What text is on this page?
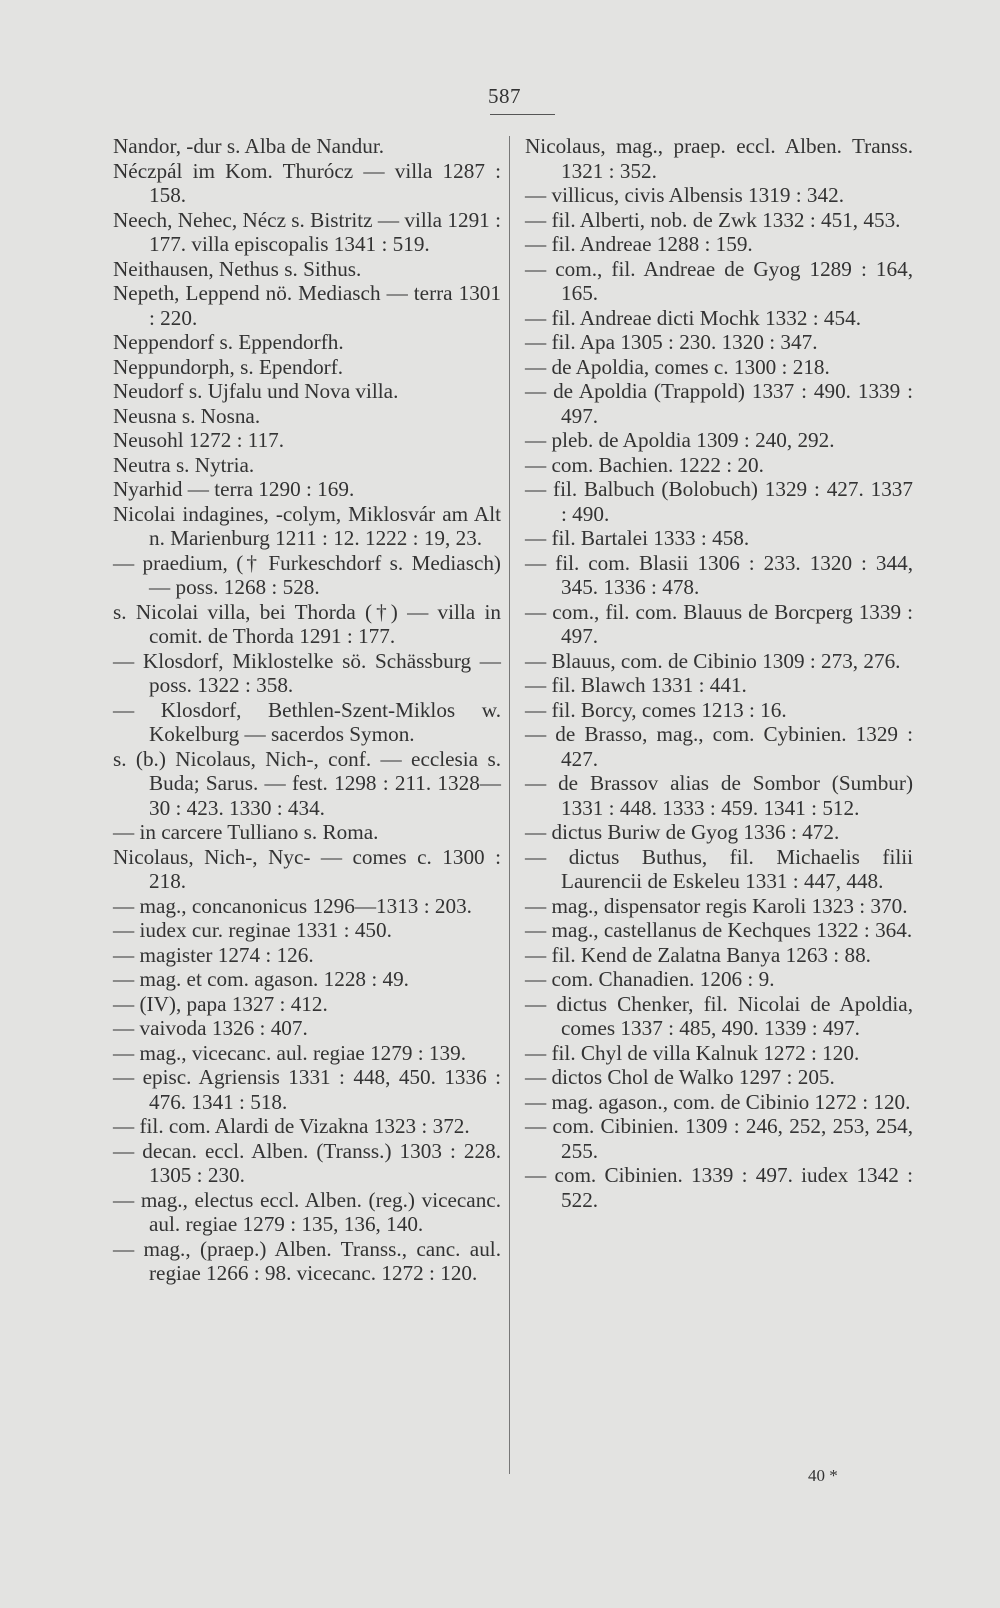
587
Nandor, -dur s. Alba de Nandur.
Néczpál im Kom. Thurócz — villa 1287 : 158.
Neech, Nehec, Nécz s. Bistritz — villa 1291 : 177. villa episcopalis 1341 : 519.
Neithausen, Nethus s. Sithus.
Nepeth, Leppend nö. Mediasch — terra 1301 : 220.
Neppendorf s. Eppendorfh.
Neppundorph, s. Ependorf.
Neudorf s. Ujfalu und Nova villa.
Neusna s. Nosna.
Neusohl 1272 : 117.
Neutra s. Nytria.
Nyarhid — terra 1290 : 169.
Nicolai indagines, -colym, Miklosvár am Alt n. Marienburg 1211 : 12. 1222 : 19, 23.
— praedium, († Furkeschdorf s. Mediasch) — poss. 1268 : 528.
s. Nicolai villa, bei Thorda (†) — villa in comit. de Thorda 1291 : 177.
— Klosdorf, Miklostelke sö. Schässburg — poss. 1322 : 358.
— Klosdorf, Bethlen-Szent-Miklos w. Kokelburg — sacerdos Symon.
s. (b.) Nicolaus, Nich-, conf. — ecclesia s. Buda; Sarus. — fest. 1298 : 211. 1328—30 : 423. 1330 : 434.
— in carcere Tulliano s. Roma.
Nicolaus, Nich-, Nyc- — comes c. 1300 : 218.
— mag., concanonicus 1296—1313 : 203.
— iudex cur. reginae 1331 : 450.
— magister 1274 : 126.
— mag. et com. agason. 1228 : 49.
— (IV), papa 1327 : 412.
— vaivoda 1326 : 407.
— mag., vicecanc. aul. regiae 1279 : 139.
— episc. Agriensis 1331 : 448, 450. 1336 : 476. 1341 : 518.
— fil. com. Alardi de Vizakna 1323 : 372.
— decan. eccl. Alben. (Transs.) 1303 : 228. 1305 : 230.
— mag., electus eccl. Alben. (reg.) vicecanc. aul. regiae 1279 : 135, 136, 140.
— mag., (praep.) Alben. Transs., canc. aul. regiae 1266 : 98. vicecanc. 1272 : 120.
Nicolaus, mag., praep. eccl. Alben. Transs. 1321 : 352.
— villicus, civis Albensis 1319 : 342.
— fil. Alberti, nob. de Zwk 1332 : 451, 453.
— fil. Andreae 1288 : 159.
— com., fil. Andreae de Gyog 1289 : 164, 165.
— fil. Andreae dicti Mochk 1332 : 454.
— fil. Apa 1305 : 230. 1320 : 347.
— de Apoldia, comes c. 1300 : 218.
— de Apoldia (Trappold) 1337 : 490. 1339 : 497.
— pleb. de Apoldia 1309 : 240, 292.
— com. Bachien. 1222 : 20.
— fil. Balbuch (Bolobuch) 1329 : 427. 1337 : 490.
— fil. Bartalei 1333 : 458.
— fil. com. Blasii 1306 : 233. 1320 : 344, 345. 1336 : 478.
— com., fil. com. Blauus de Borcperg 1339 : 497.
— Blauus, com. de Cibinio 1309 : 273, 276.
— fil. Blawch 1331 : 441.
— fil. Borcy, comes 1213 : 16.
— de Brasso, mag., com. Cybinien. 1329 : 427.
— de Brassov alias de Sombor (Sumbur) 1331 : 448. 1333 : 459. 1341 : 512.
— dictus Buriw de Gyog 1336 : 472.
— dictus Buthus, fil. Michaelis filii Laurencii de Eskeleu 1331 : 447, 448.
— mag., dispensator regis Karoli 1323 : 370.
— mag., castellanus de Kechques 1322 : 364.
— fil. Kend de Zalatna Banya 1263 : 88.
— com. Chanadien. 1206 : 9.
— dictus Chenker, fil. Nicolai de Apoldia, comes 1337 : 485, 490. 1339 : 497.
— fil. Chyl de villa Kalnuk 1272 : 120.
— dictos Chol de Walko 1297 : 205.
— mag. agason., com. de Cibinio 1272 : 120.
— com. Cibinien. 1309 : 246, 252, 253, 254, 255.
— com. Cibinien. 1339 : 497. iudex 1342 : 522.
40 *
